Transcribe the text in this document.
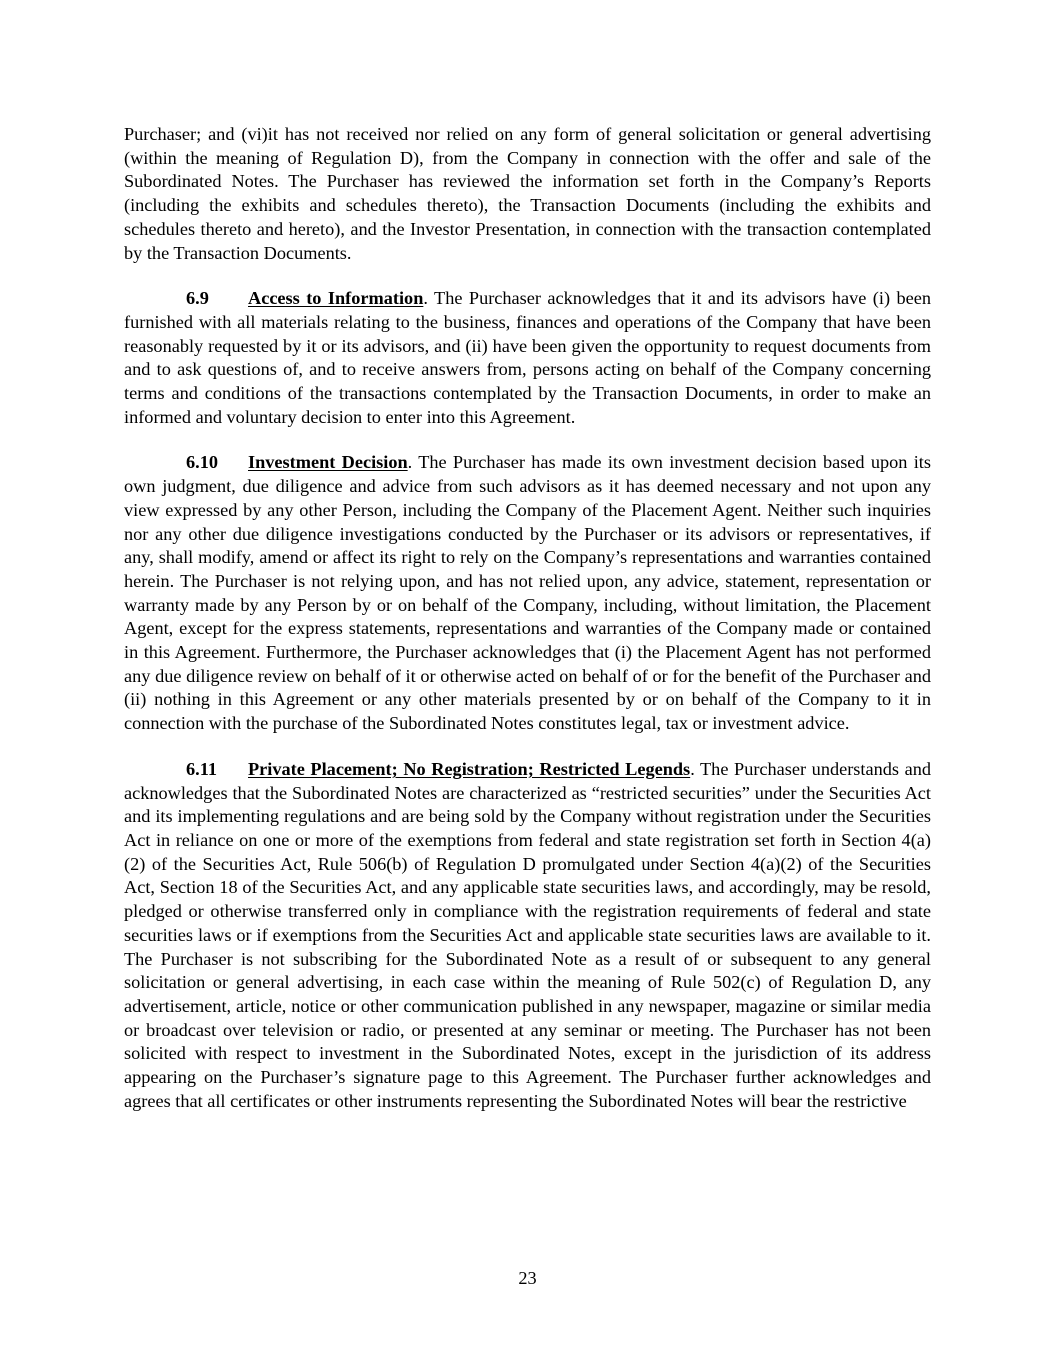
Purchaser; and (vi)it has not received nor relied on any form of general solicitation or general advertising (within the meaning of Regulation D), from the Company in connection with the offer and sale of the Subordinated Notes. The Purchaser has reviewed the information set forth in the Company’s Reports (including the exhibits and schedules thereto), the Transaction Documents (including the exhibits and schedules thereto and hereto), and the Investor Presentation, in connection with the transaction contemplated by the Transaction Documents.

6.9 Access to Information. The Purchaser acknowledges that it and its advisors have (i) been furnished with all materials relating to the business, finances and operations of the Company that have been reasonably requested by it or its advisors, and (ii) have been given the opportunity to request documents from and to ask questions of, and to receive answers from, persons acting on behalf of the Company concerning terms and conditions of the transactions contemplated by the Transaction Documents, in order to make an informed and voluntary decision to enter into this Agreement.

6.10 Investment Decision. The Purchaser has made its own investment decision based upon its own judgment, due diligence and advice from such advisors as it has deemed necessary and not upon any view expressed by any other Person, including the Company of the Placement Agent. Neither such inquiries nor any other due diligence investigations conducted by the Purchaser or its advisors or representatives, if any, shall modify, amend or affect its right to rely on the Company’s representations and warranties contained herein. The Purchaser is not relying upon, and has not relied upon, any advice, statement, representation or warranty made by any Person by or on behalf of the Company, including, without limitation, the Placement Agent, except for the express statements, representations and warranties of the Company made or contained in this Agreement. Furthermore, the Purchaser acknowledges that (i) the Placement Agent has not performed any due diligence review on behalf of it or otherwise acted on behalf of or for the benefit of the Purchaser and (ii) nothing in this Agreement or any other materials presented by or on behalf of the Company to it in connection with the purchase of the Subordinated Notes constitutes legal, tax or investment advice.

6.11 Private Placement; No Registration; Restricted Legends. The Purchaser understands and acknowledges that the Subordinated Notes are characterized as “restricted securities” under the Securities Act and its implementing regulations and are being sold by the Company without registration under the Securities Act in reliance on one or more of the exemptions from federal and state registration set forth in Section 4(a)(2) of the Securities Act, Rule 506(b) of Regulation D promulgated under Section 4(a)(2) of the Securities Act, Section 18 of the Securities Act, and any applicable state securities laws, and accordingly, may be resold, pledged or otherwise transferred only in compliance with the registration requirements of federal and state securities laws or if exemptions from the Securities Act and applicable state securities laws are available to it. The Purchaser is not subscribing for the Subordinated Note as a result of or subsequent to any general solicitation or general advertising, in each case within the meaning of Rule 502(c) of Regulation D, any advertisement, article, notice or other communication published in any newspaper, magazine or similar media or broadcast over television or radio, or presented at any seminar or meeting. The Purchaser has not been solicited with respect to investment in the Subordinated Notes, except in the jurisdiction of its address appearing on the Purchaser’s signature page to this Agreement. The Purchaser further acknowledges and agrees that all certificates or other instruments representing the Subordinated Notes will bear the restrictive

23
